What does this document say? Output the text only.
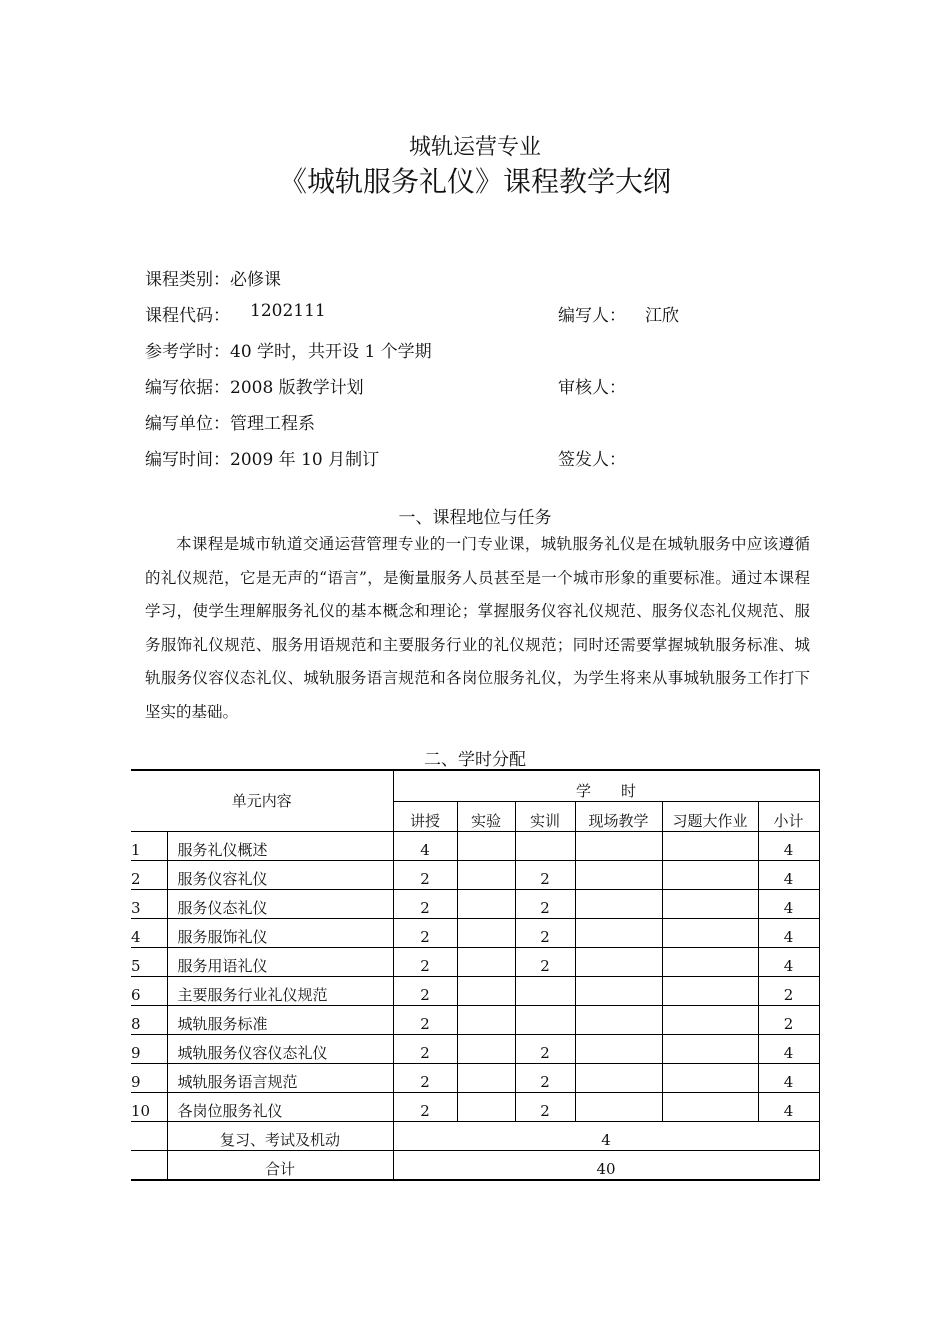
城轨运营专业
《城轨服务礼仪》课程教学大纲
课程类别：必修课
课程代码： 1202111	编写人： 江欣
参考学时：40 学时，共开设 1 个学期
编写依据：2008 版教学计划	审核人：
编写单位：管理工程系
编写时间：2009 年 10 月制订	签发人：
一、课程地位与任务
本课程是城市轨道交通运营管理专业的一门专业课，城轨服务礼仪是在城轨服务中应该遵循的礼仪规范，它是无声的“语言”，是衡量服务人员甚至是一个城市形象的重要标准。通过本课程学习，使学生理解服务礼仪的基本概念和理论；掌握服务仪容礼仪规范、服务仪态礼仪规范、服务服饰礼仪规范、服务用语规范和主要服务行业的礼仪规范；同时还需要掌握城轨服务标准、城轨服务仪容仪态礼仪、城轨服务语言规范和各岗位服务礼仪，为学生将来从事城轨服务工作打下坚实的基础。
二、学时分配
单元内容		学　　时					
		讲授	实验	实训	现场教学	习题大作业	小计
1	服务礼仪概述	4					4
2	服务仪容礼仪	2		2			4
3	服务仪态礼仪	2		2			4
4	服务服饰礼仪	2		2			4
5	服务用语礼仪	2		2			4
6	主要服务行业礼仪规范	2					2
8	城轨服务标准	2					2
9	城轨服务仪容仪态礼仪	2		2			4
9	城轨服务语言规范	2		2			4
10	各岗位服务礼仪	2		2			4
	复习、考试及机动	4					
	合计	40					
